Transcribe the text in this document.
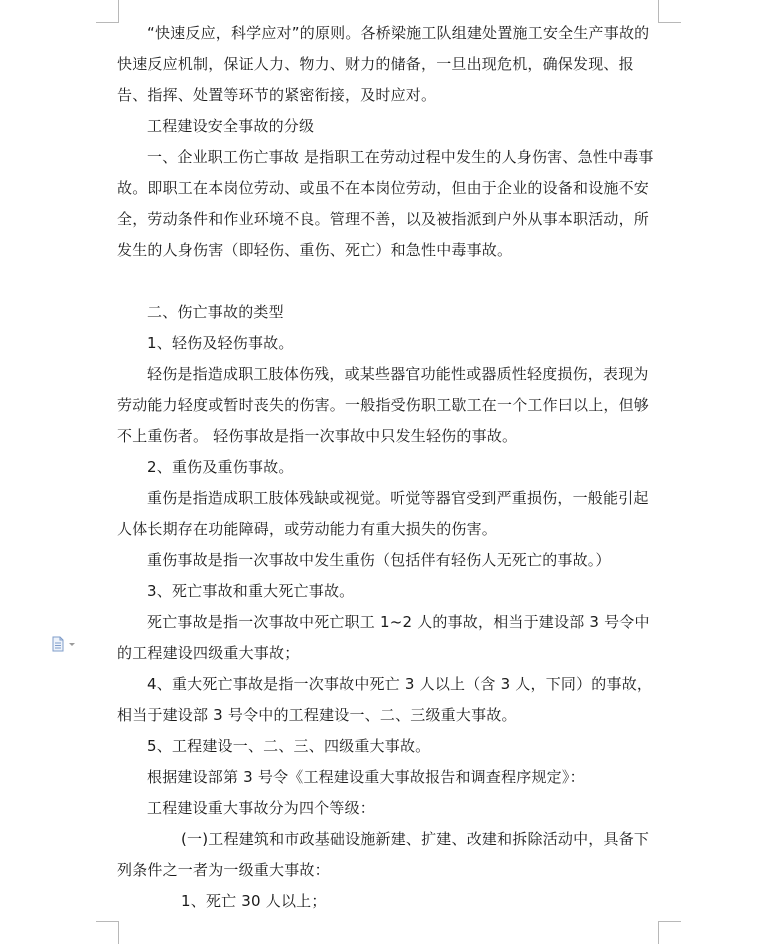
“快速反应，科学应对”的原则。各桥梁施工队组建处置施工安全生产事故的快速反应机制，保证人力、物力、财力的储备，一旦出现危机，确保发现、报告、指挥、处置等环节的紧密衔接，及时应对。

工程建设安全事故的分级

一、企业职工伤亡事故 是指职工在劳动过程中发生的人身伤害、急性中毒事故。即职工在本岗位劳动、或虽不在本岗位劳动，但由于企业的设备和设施不安全，劳动条件和作业环境不良。管理不善，以及被指派到户外从事本职活动，所发生的人身伤害（即轻伤、重伤、死亡）和急性中毒事故。

二、伤亡事故的类型

1、轻伤及轻伤事故。

轻伤是指造成职工肢体伤残，或某些器官功能性或器质性轻度损伤，表现为劳动能力轻度或暂时丧失的伤害。一般指受伤职工歇工在一个工作曰以上，但够不上重伤者。 轻伤事故是指一次事故中只发生轻伤的事故。

2、重伤及重伤事故。

重伤是指造成职工肢体残缺或视觉。听觉等器官受到严重损伤，一般能引起人体长期存在功能障碍，或劳动能力有重大损失的伤害。

重伤事故是指一次事故中发生重伤（包括伴有轻伤人无死亡的事故。）

3、死亡事故和重大死亡事故。

死亡事故是指一次事故中死亡职工 1~2 人的事故，相当于建设部 3 号令中的工程建设四级重大事故；

4、重大死亡事故是指一次事故中死亡 3 人以上（含 3 人，下同）的事故，相当于建设部 3 号令中的工程建设一、二、三级重大事故。

5、工程建设一、二、三、四级重大事故。

根据建设部第 3 号令《工程建设重大事故报告和调查程序规定》：

工程建设重大事故分为四个等级：

(一)工程建筑和市政基础设施新建、扩建、改建和拆除活动中，具备下列条件之一者为一级重大事故：

1、死亡 30 人以上；
